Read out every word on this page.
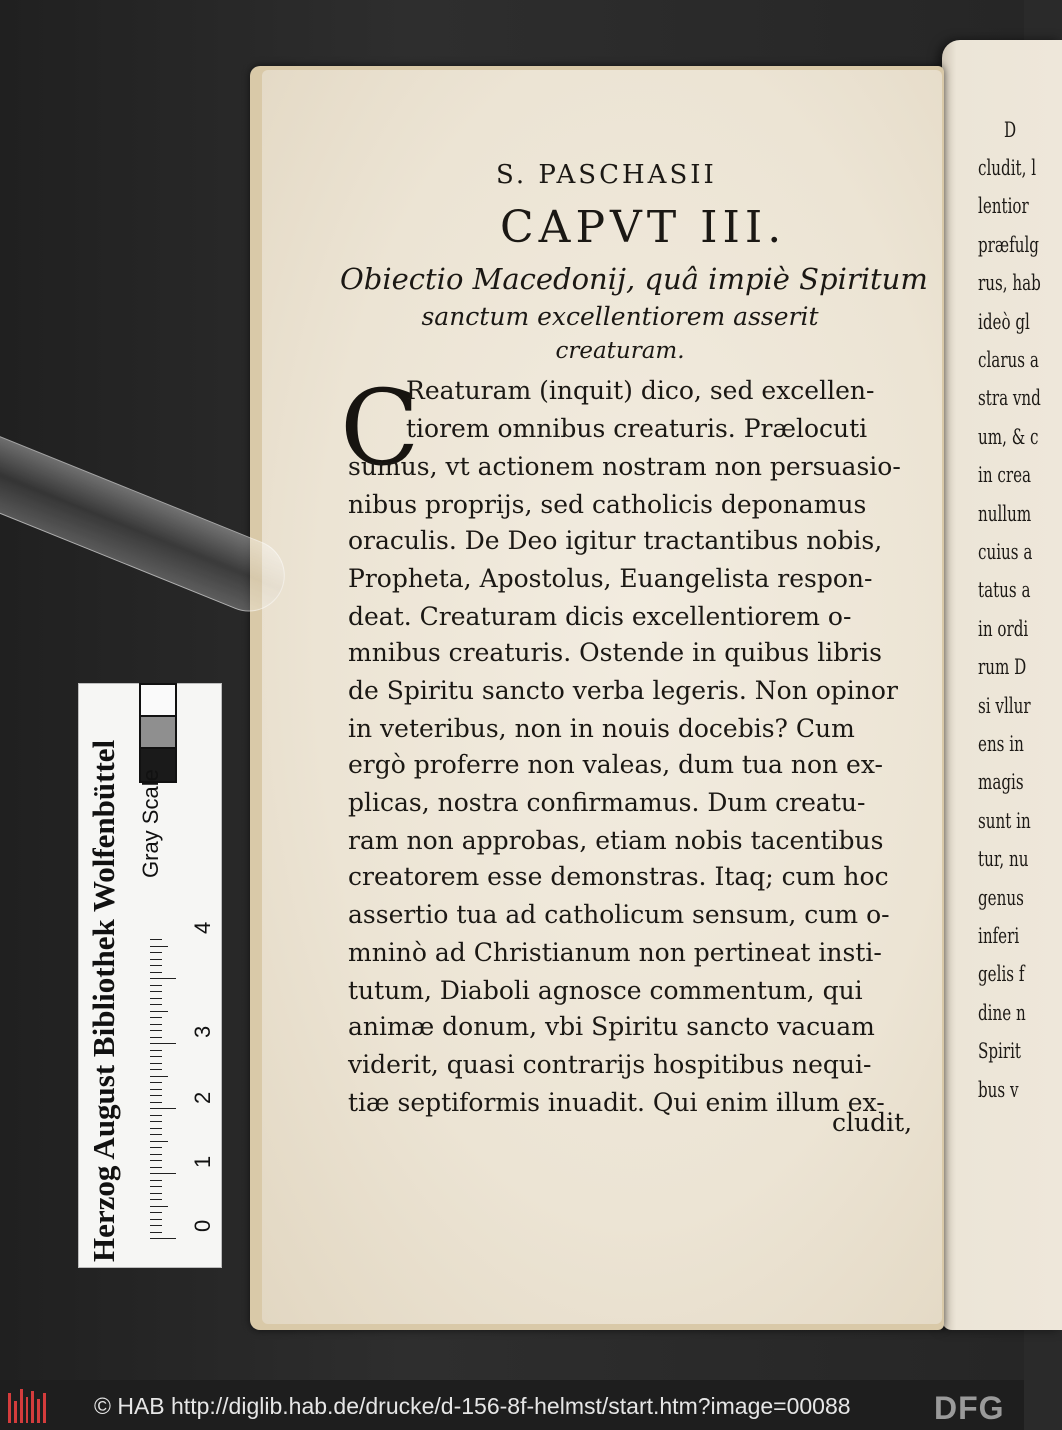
S. PASCHASII
CAPVT III.
Obiectio Macedonij, quâ impiè Spiritum
sanctum excellentiorem asserit
creaturam.
C
Reaturam (inquit) dico, sed excellen-
tiorem omnibus creaturis. Prælocuti
sumus, vt actionem nostram non persuasio-
nibus proprijs, sed catholicis deponamus
oraculis. De Deo igitur tractantibus nobis,
Propheta, Apostolus, Euangelista respon-
deat. Creaturam dicis excellentiorem o-
mnibus creaturis. Ostende in quibus libris
de Spiritu sancto verba legeris. Non opinor
in veteribus, non in nouis docebis? Cum
ergò proferre non valeas, dum tua non ex-
plicas, nostra confirmamus. Dum creatu-
ram non approbas, etiam nobis tacentibus
creatorem esse demonstras. Itaq; cum hoc
assertio tua ad catholicum sensum, cum o-
mninò ad Christianum non pertineat insti-
tutum, Diaboli agnosce commentum, qui
animæ donum, vbi Spiritu sancto vacuam
viderit, quasi contrarijs hospitibus nequi-
tiæ septiformis inuadit. Qui enim illum ex-
cludit,
D
cludit, l
lentior
præfulg
rus, hab
ideò gl
clarus a
stra vnd
um, & c
in crea
nullum
cuius a
tatus a
in ordi
rum D
si vllur
ens in
magis
sunt in
tur, nu
genus
inferi
gelis f
dine n
Spirit
bus v
Herzog August Bibliothek Wolfenbüttel Gray Scale
0
1
2
3
4
© HAB http://diglib.hab.de/drucke/d-156-8f-helmst/start.htm?image=00088	DFG
